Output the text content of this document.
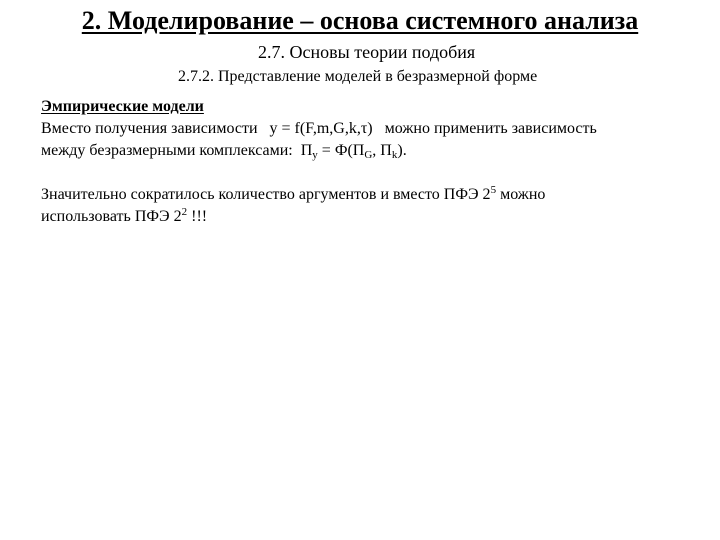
2. Моделирование – основа системного анализа
2.7. Основы теории подобия
2.7.2. Представление моделей в безразмерной форме

Эмпирические модели

Вместо получения зависимости y = f(F,m,G,k,τ) можно применить зависимость
между безразмерными комплексами: $П_y = Ф(П_G$, $П_k$).

Значительно сократилось количество аргументов и вместо ПФЭ $2^5$ можно
использовать ПФЭ $2^2$ !!!
